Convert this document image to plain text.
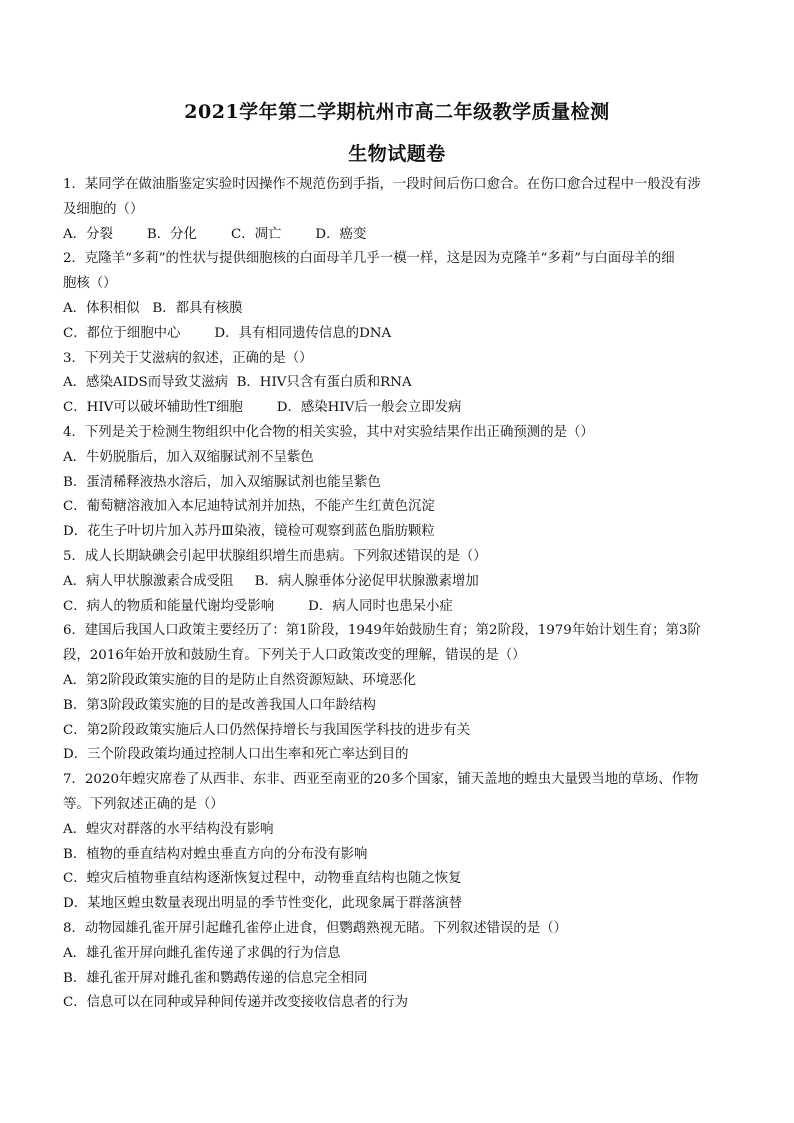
2021学年第二学期杭州市高二年级教学质量检测
生物试题卷
1．某同学在做油脂鉴定实验时因操作不规范伤到手指，一段时间后伤口愈合。在伤口愈合过程中一般没有涉
及细胞的（）
A．分裂        B．分化        C．凋亡        D．癌变
2．克隆羊“多莉”的性状与提供细胞核的白面母羊几乎一模一样，这是因为克隆羊“多莉”与白面母羊的细
胞核（）
A．体积相似   B．都具有核膜
C．都位于细胞中心        D．具有相同遗传信息的DNA
3．下列关于艾滋病的叙述，正确的是（）
A．感染AIDS而导致艾滋病  B．HIV只含有蛋白质和RNA
C．HIV可以破坏辅助性T细胞        D．感染HIV后一般会立即发病
4．下列是关于检测生物组织中化合物的相关实验，其中对实验结果作出正确预测的是（）
A．牛奶脱脂后，加入双缩脲试剂不呈紫色
B．蛋清稀释液热水溶后，加入双缩脲试剂也能呈紫色
C．葡萄糖溶液加入本尼迪特试剂并加热，不能产生红黄色沉淀
D．花生子叶切片加入苏丹Ⅲ染液，镜检可观察到蓝色脂肪颗粒
5．成人长期缺碘会引起甲状腺组织增生而患病。下列叙述错误的是（）
A．病人甲状腺激素合成受阻     B．病人腺垂体分泌促甲状腺激素增加
C．病人的物质和能量代谢均受影响        D．病人同时也患呆小症
6．建国后我国人口政策主要经历了：第1阶段，1949年始鼓励生育；第2阶段，1979年始计划生育；第3阶
段，2016年始开放和鼓励生育。下列关于人口政策改变的理解，错误的是（）
A．第2阶段政策实施的目的是防止自然资源短缺、环境恶化
B．第3阶段政策实施的目的是改善我国人口年龄结构
C．第2阶段政策实施后人口仍然保持增长与我国医学科技的进步有关
D．三个阶段政策均通过控制人口出生率和死亡率达到目的
7．2020年蝗灾席卷了从西非、东非、西亚至南亚的20多个国家，铺天盖地的蝗虫大量毁当地的草场、作物
等。下列叙述正确的是（）
A．蝗灾对群落的水平结构没有影响
B．植物的垂直结构对蝗虫垂直方向的分布没有影响
C．蝗灾后植物垂直结构逐渐恢复过程中，动物垂直结构也随之恢复
D．某地区蝗虫数量表现出明显的季节性变化，此现象属于群落演替
8．动物园雄孔雀开屏引起雌孔雀停止进食，但鹦鹉熟视无睹。下列叙述错误的是（）
A．雄孔雀开屏向雌孔雀传递了求偶的行为信息
B．雄孔雀开屏对雌孔雀和鹦鹉传递的信息完全相同
C．信息可以在同种或异种间传递并改变接收信息者的行为
